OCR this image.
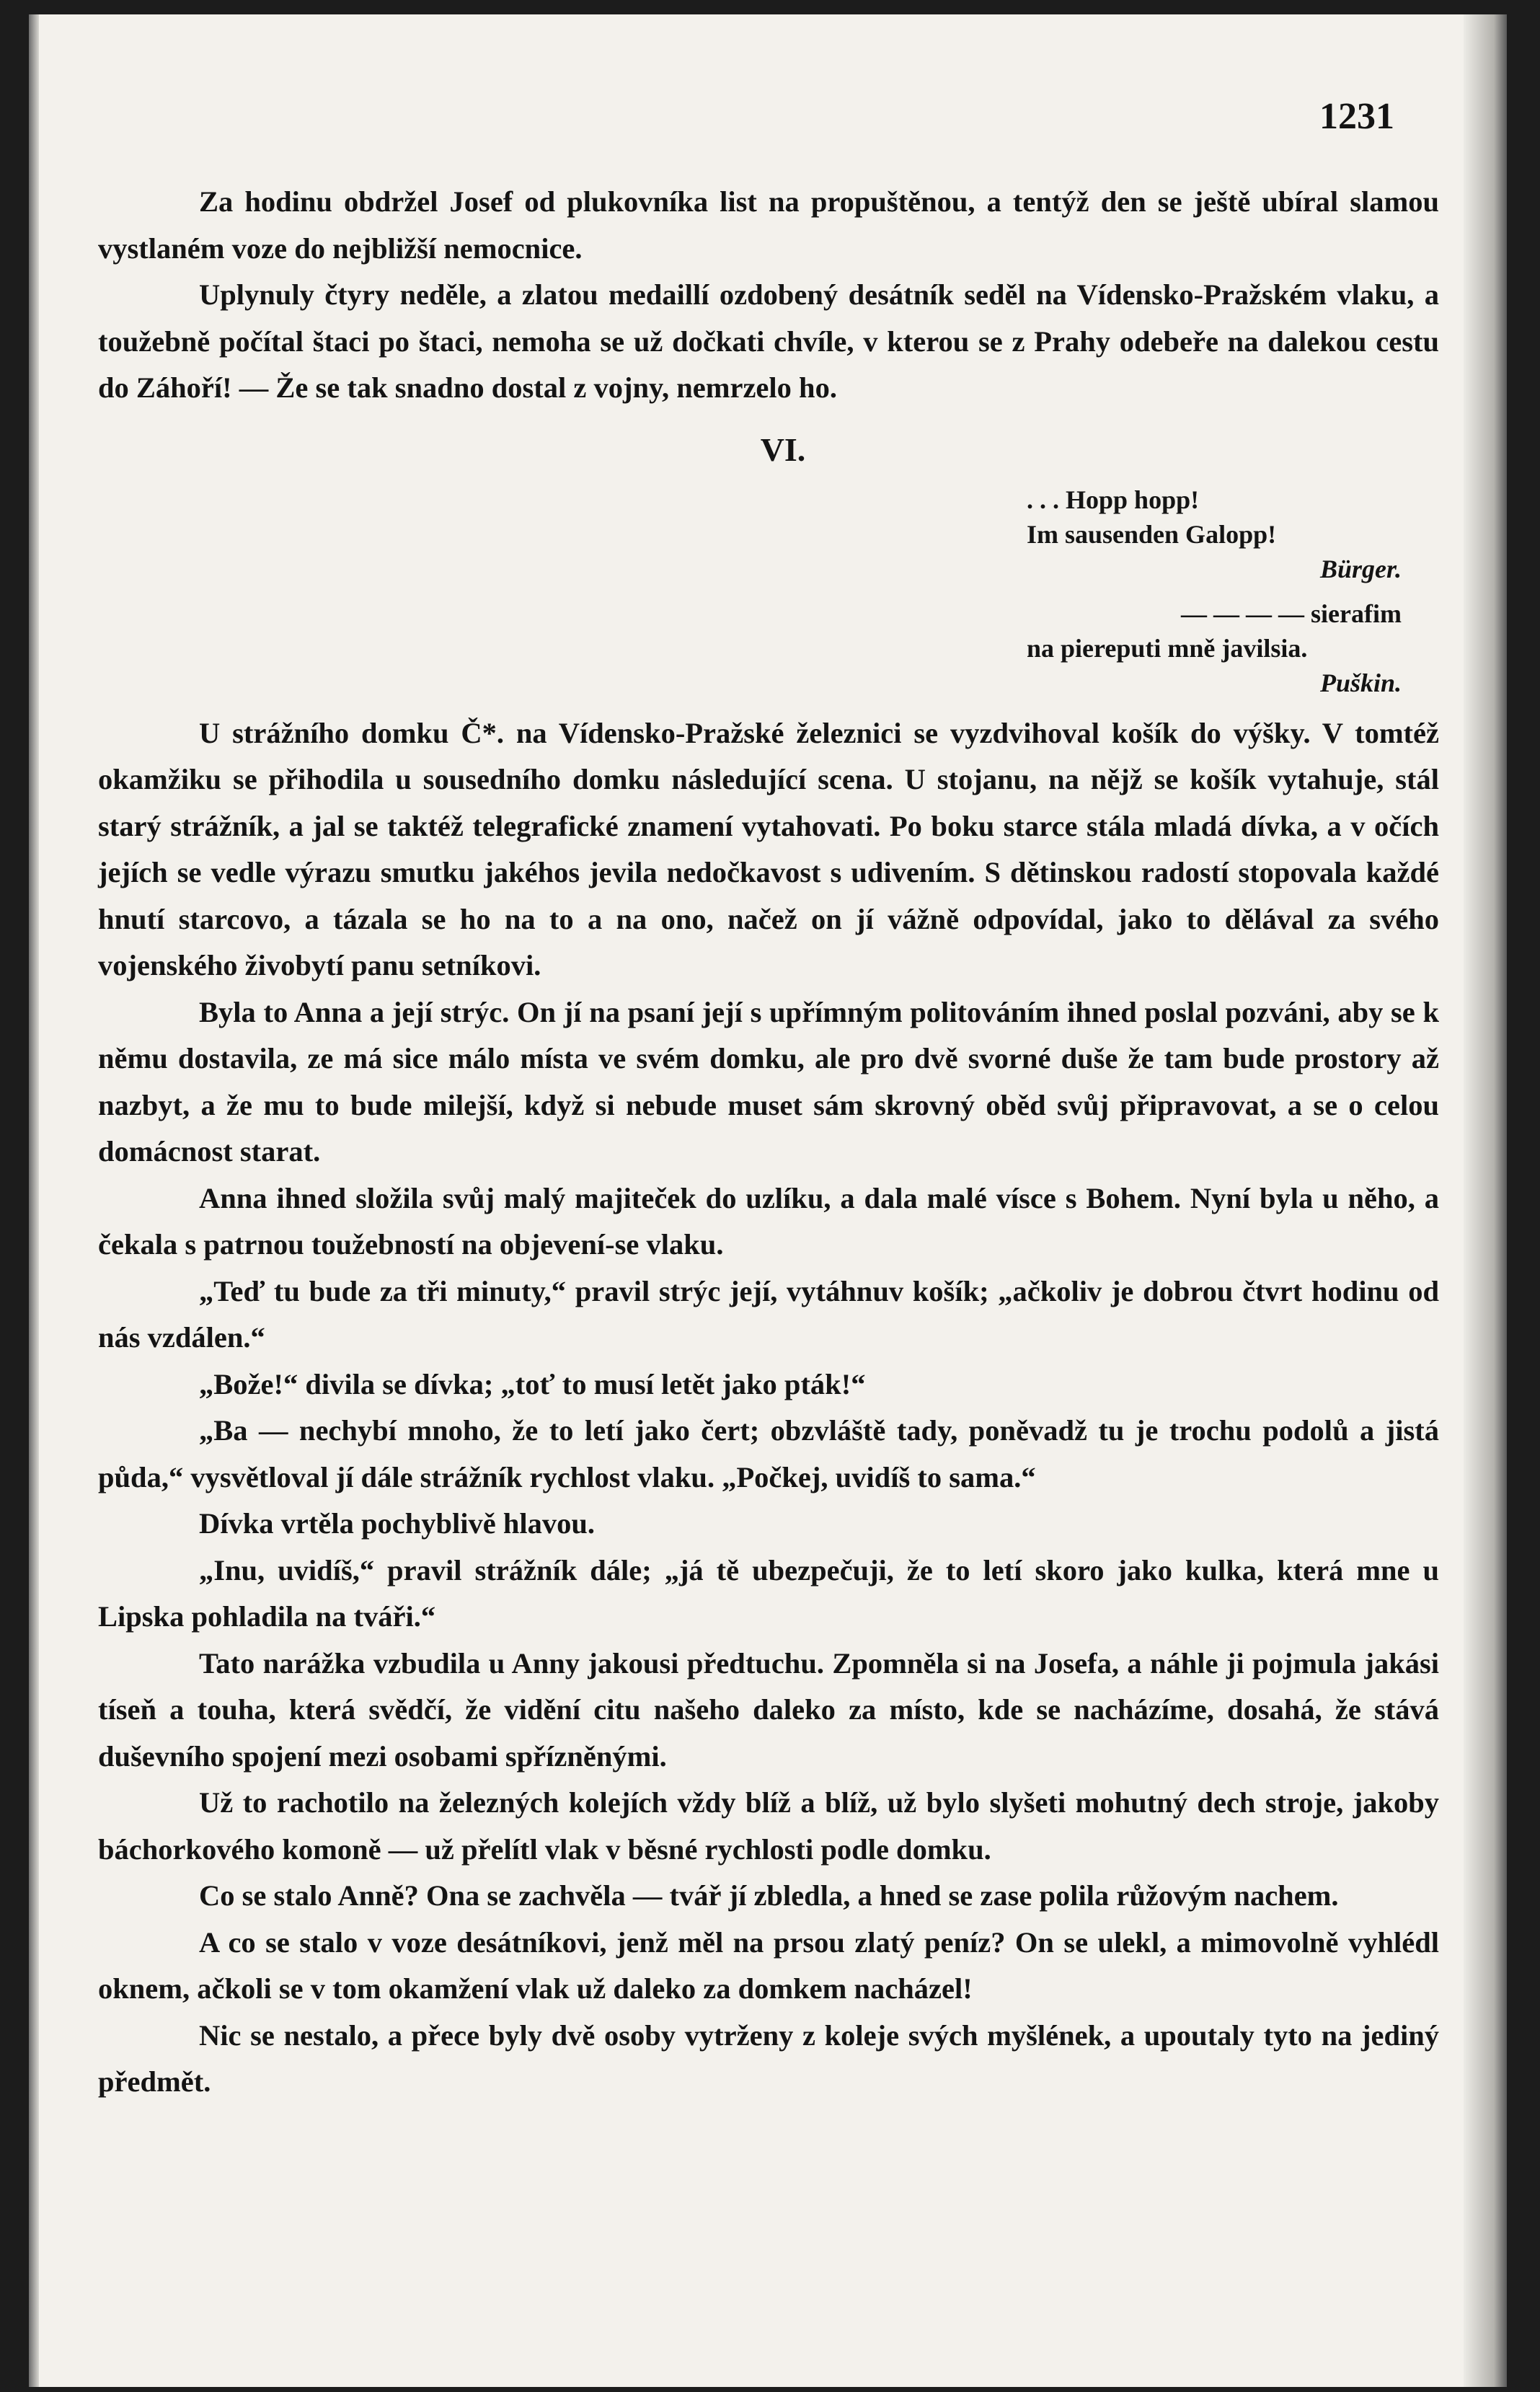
1231

Za hodinu obdržel Josef od plukovníka list na propuštěnou, a tentýž den se ještě ubíral slamou vystlaném voze do nejbližší nemocnice.

Uplynuly čtyry neděle, a zlatou medaillí ozdobený desátník seděl na Vídensko-Pražském vlaku, a toužebně počítal štaci po štaci, nemoha se už dočkati chvíle, v kterou se z Prahy odebeře na dalekou cestu do Záhoří! — Že se tak snadno dostal z vojny, nemrzelo ho.

VI.
. . . Hopp hopp!
Im sausenden Galopp!
Bürger.
— — — — sierafim
na piereputi mně javilsia.
Puškin.

U strážního domku Č*. na Vídensko-Pražské železnici se vyzdvihoval košík do výšky. V tomtéž okamžiku se přihodila u sousedního domku následující scena. U stojanu, na nějž se košík vytahuje, stál starý strážník, a jal se taktéž telegrafické znamení vytahovati. Po boku starce stála mladá dívka, a v očích jejích se vedle výrazu smutku jakéhos jevila nedočkavost s udivením. S dětinskou radostí stopovala každé hnutí starcovo, a tázala se ho na to a na ono, načež on jí vážně odpovídal, jako to dělával za svého vojenského živobytí panu setníkovi.

Byla to Anna a její strýc. On jí na psaní její s upřímným politováním ihned poslal pozváni, aby se k němu dostavila, ze má sice málo místa ve svém domku, ale pro dvě svorné duše že tam bude prostory až nazbyt, a že mu to bude milejší, když si nebude muset sám skrovný oběd svůj připravovat, a se o celou domácnost starat.

Anna ihned složila svůj malý majiteček do uzlíku, a dala malé vísce s Bohem. Nyní byla u něho, a čekala s patrnou toužebností na objevení-se vlaku.

„Teď tu bude za tři minuty,“ pravil strýc její, vytáhnuv košík; „ačkoliv je dobrou čtvrt hodinu od nás vzdálen.“

„Bože!“ divila se dívka; „toť to musí letět jako pták!“

„Ba — nechybí mnoho, že to letí jako čert; obzvláště tady, poněvadž tu je trochu podolů a jistá půda,“ vysvětloval jí dále strážník rychlost vlaku. „Počkej, uvidíš to sama.“

Dívka vrtěla pochyblivě hlavou.

„Inu, uvidíš,“ pravil strážník dále; „já tě ubezpečuji, že to letí skoro jako kulka, která mne u Lipska pohladila na tváři.“

Tato narážka vzbudila u Anny jakousi předtuchu. Zpomněla si na Josefa, a náhle ji pojmula jakási tíseň a touha, která svědčí, že vidění citu našeho daleko za místo, kde se nacházíme, dosahá, že stává duševního spojení mezi osobami spřízněnými.

Už to rachotilo na železných kolejích vždy blíž a blíž, už bylo slyšeti mohutný dech stroje, jakoby báchorkového komoně — už přelítl vlak v běsné rychlosti podle domku.

Co se stalo Anně? Ona se zachvěla — tvář jí zbledla, a hned se zase polila růžovým nachem.

A co se stalo v voze desátníkovi, jenž měl na prsou zlatý peníz? On se ulekl, a mimovolně vyhlédl oknem, ačkoli se v tom okamžení vlak už daleko za domkem nacházel!

Nic se nestalo, a přece byly dvě osoby vytrženy z koleje svých myšlének, a upoutaly tyto na jediný předmět.
